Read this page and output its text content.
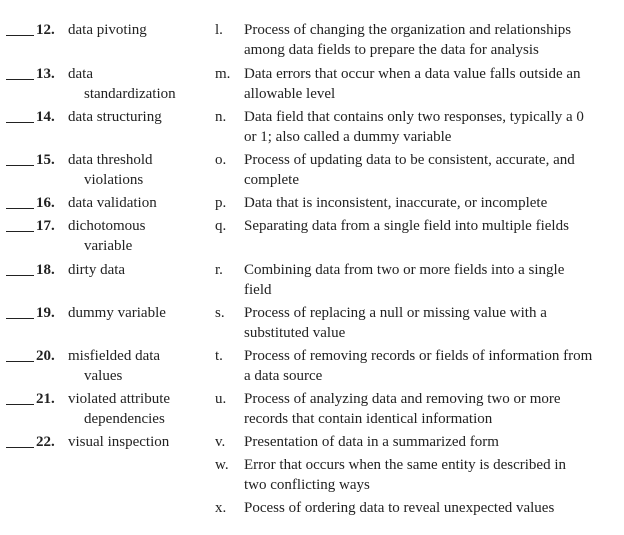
12. data pivoting
13. data
standardization
14. data structuring
15. data threshold
violations
16. data validation
17. dichotomous
variable
18. dirty data
19. dummy variable
20. misfielded data
values
21. violated attribute
dependencies
22. visual inspection
l.	Process of changing the organization and relationships
among data fields to prepare the data for analysis
m. Data errors that occur when a data value falls outside an
allowable level
n.	Data field that contains only two responses, typically a 0
or 1; also called a dummy variable
o.	Process of updating data to be consistent, accurate, and
complete
p.	Data that is inconsistent, inaccurate, or incomplete
q.	Separating data from a single field into multiple fields
r.	Combining data from two or more fields into a single
field
s.	Process of replacing a null or missing value with a
substituted value
t.	Process of removing records or fields of information from
a data source
u.	Process of analyzing data and removing two or more
records that contain identical information
v.	Presentation of data in a summarized form
w.	Error that occurs when the same entity is described in
two conflicting ways
x.	Pocess of ordering data to reveal unexpected values
